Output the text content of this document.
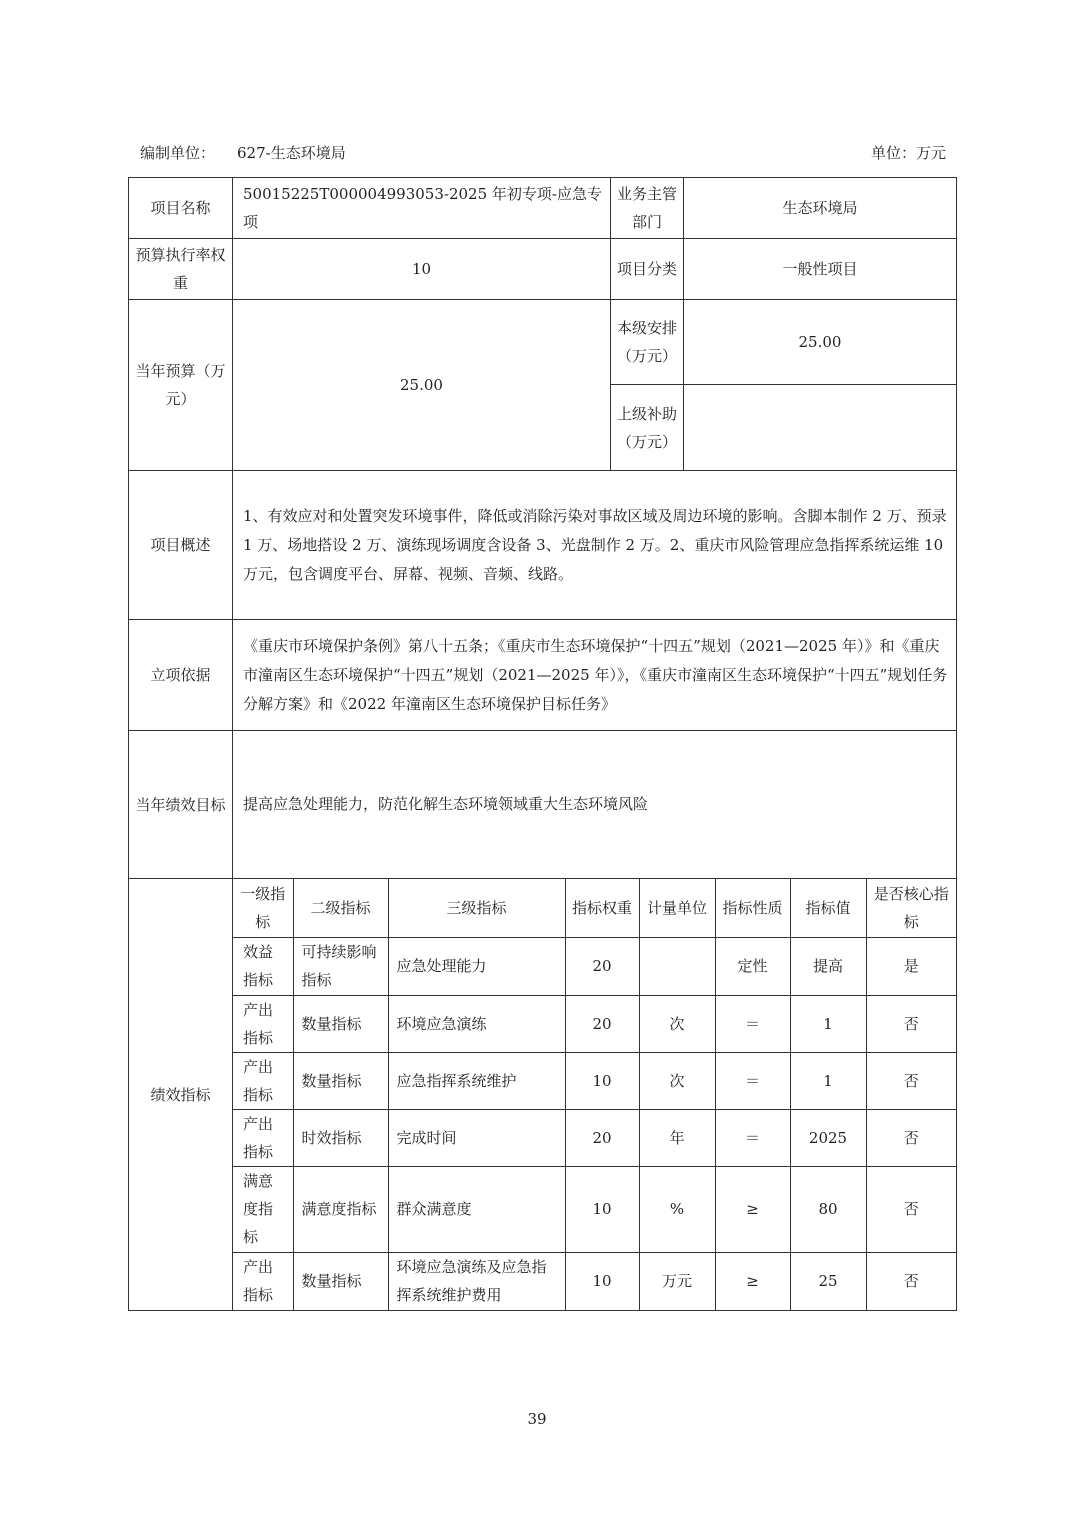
编制单位： 627-生态环境局	单位：万元
项目名称	50015225T000004993053-2025 年初专项-应急专项	业务主管部门	生态环境局
预算执行率权重	10	项目分类	一般性项目
当年预算（万元）	25.00	本级安排（万元）	25.00
上级补助（万元）	
项目概述	1、有效应对和处置突发环境事件，降低或消除污染对事故区域及周边环境的影响。含脚本制作 2 万、预录 1 万、场地搭设 2 万、演练现场调度含设备 3、光盘制作 2 万。2、重庆市风险管理应急指挥系统运维 10 万元，包含调度平台、屏幕、视频、音频、线路。
立项依据	《重庆市环境保护条例》第八十五条；《重庆市生态环境保护“十四五”规划（2021—2025 年）》和《重庆市潼南区生态环境保护“十四五”规划（2021—2025 年）》，《重庆市潼南区生态环境保护“十四五”规划任务分解方案》和《2022 年潼南区生态环境保护目标任务》
当年绩效目标	提高应急处理能力，防范化解生态环境领域重大生态环境风险
绩效指标	
一级指标	二级指标	三级指标	指标权重	计量单位	指标性质	指标值	是否核心指标
效益指标	可持续影响指标	应急处理能力	20		定性	提高	是
产出指标	数量指标	环境应急演练	20	次	＝	1	否
产出指标	数量指标	应急指挥系统维护	10	次	＝	1	否
产出指标	时效指标	完成时间	20	年	＝	2025	否
满意度指标	满意度指标	群众满意度	10	%	≥	80	否
产出指标	数量指标	环境应急演练及应急指挥系统维护费用	10	万元	≥	25	否
39
